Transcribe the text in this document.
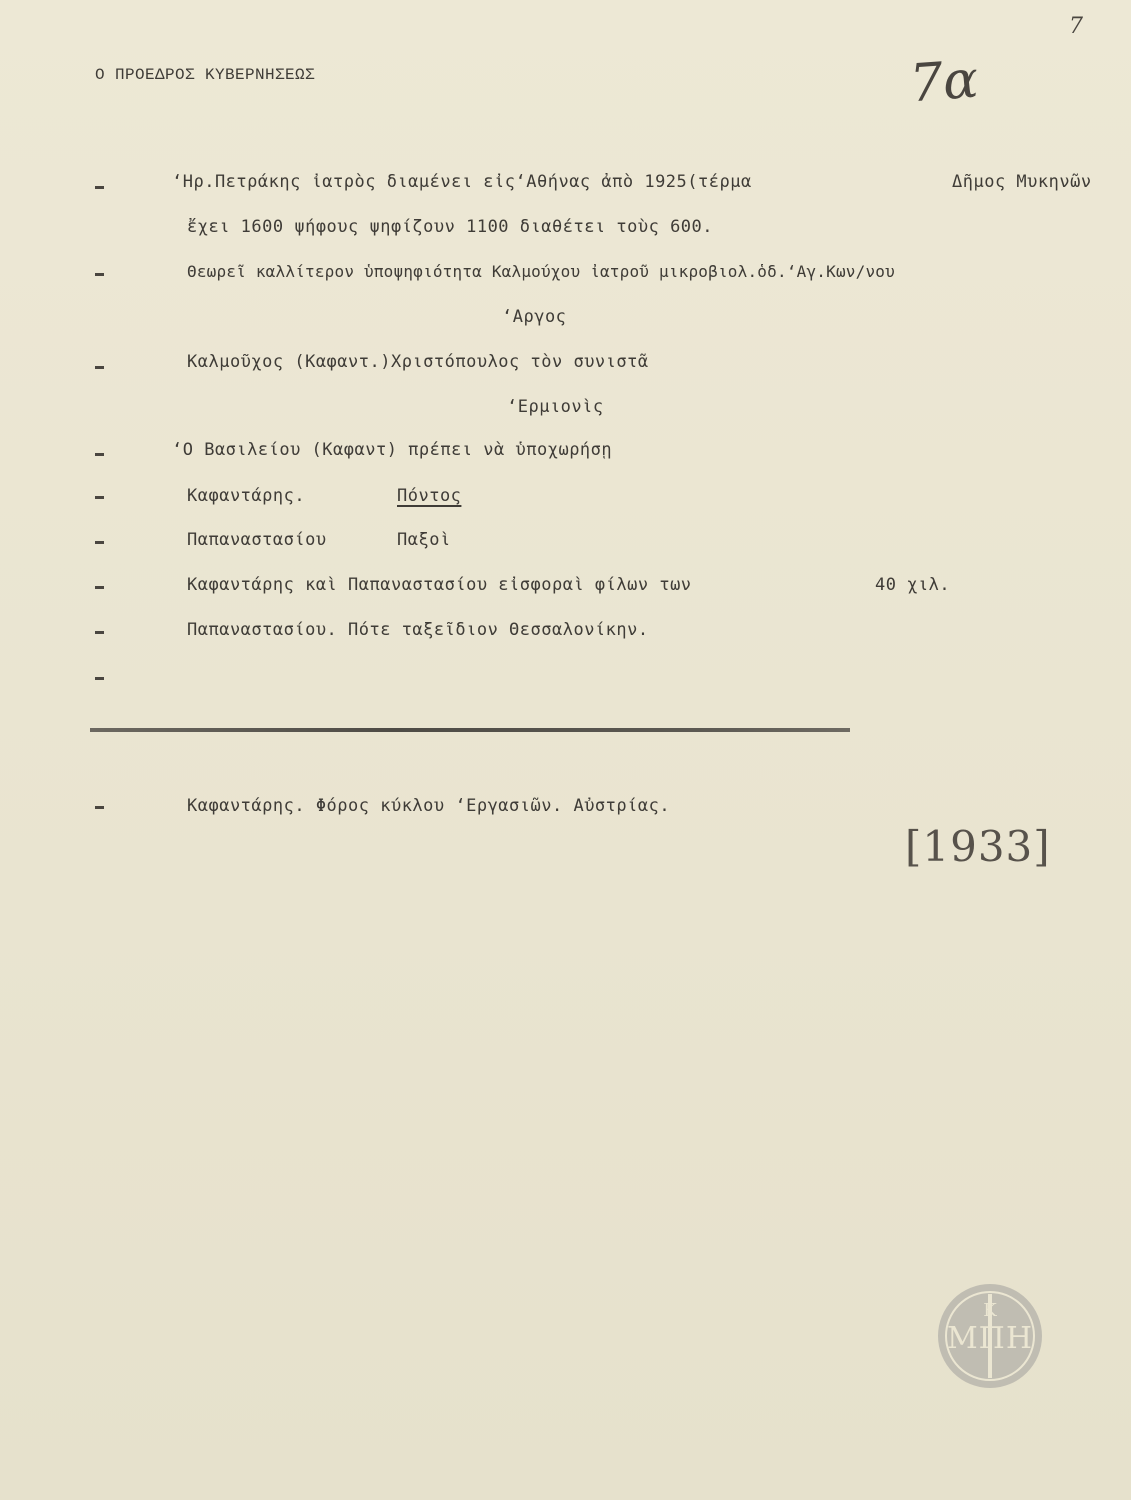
Ο ΠΡΟΕΔΡΟΣ ΚΥΒΕΡΝΗΣΕΩΣ
7
7α
‘Ηρ.Πετράκης ἰατρὸς διαμένει εἰς‘Αθήνας ἀπὸ 1925(τέρμα	Δῆμος Μυκηνῶν
ἔχει 1600 ψήφους ψηφίζουν 1100 διαθέτει τοὺς 600.
Θεωρεῖ καλλίτερον ὑποψηφιότητα Καλμούχου ἰατροῦ μικροβιολ.ὁδ.‘Αγ.Κων/νου
‘Αργος
Καλμοῦχος (Καφαντ.)Χριστόπουλος τὸν συνιστᾶ
‘Ερμιονὶς
‘Ο Βασιλείου (Καφαντ) πρέπει νὰ ὑποχωρήσῃ
Καφαντάρης.	Πόντος
Παπαναστασίου	Παξοὶ
Καφαντάρης καὶ Παπαναστασίου εἰσφοραὶ φίλων των	40 χιλ.
Παπαναστασίου. Πότε ταξεῖδιον Θεσσαλονίκην.
Καφαντάρης. Φόρος κύκλου ‘Εργασιῶν. Αὐστρίας.
[1933]
Κ
ΜΠΗ
